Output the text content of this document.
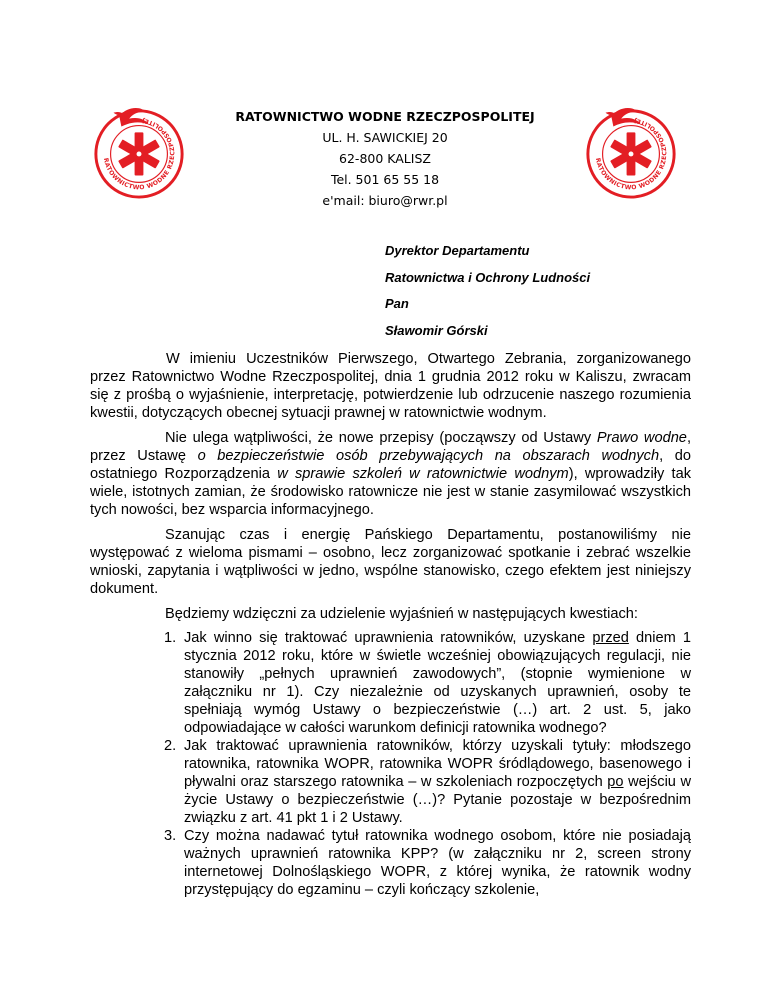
RATOWNICTWO WODNE RZECZPOSPOLITEJ
RATOWNICTWO WODNE RZECZPOSPOLITEJ
RATOWNICTWO WODNE RZECZPOSPOLITEJ
UL. H. SAWICKIEJ 20
62-800 KALISZ
Tel. 501 65 55 18
e'mail: biuro@rwr.pl
Dyrektor Departamentu
Ratownictwa i Ochrony Ludności
Pan
Sławomir Górski

W imieniu Uczestników Pierwszego, Otwartego Zebrania, zorganizowanego przez Ratownictwo Wodne Rzeczpospolitej, dnia 1 grudnia 2012 roku w Kaliszu, zwracam się z prośbą o wyjaśnienie, interpretację, potwierdzenie lub odrzucenie naszego rozumienia kwestii, dotyczących obecnej sytuacji prawnej w ratownictwie wodnym.

Nie ulega wątpliwości, że nowe przepisy (począwszy od Ustawy Prawo wodne, przez Ustawę o bezpieczeństwie osób przebywających na obszarach wodnych, do ostatniego Rozporządzenia w sprawie szkoleń w ratownictwie wodnym), wprowadziły tak wiele, istotnych zamian, że środowisko ratownicze nie jest w stanie zasymilować wszystkich tych nowości, bez wsparcia informacyjnego.

Szanując czas i energię Pańskiego Departamentu, postanowiliśmy nie występować z wieloma pismami – osobno, lecz zorganizować spotkanie i zebrać wszelkie wnioski, zapytania i wątpliwości w jedno, wspólne stanowisko, czego efektem jest niniejszy dokument.

Będziemy wdzięczni za udzielenie wyjaśnień w następujących kwestiach:
Jak winno się traktować uprawnienia ratowników, uzyskane przed dniem 1 stycznia 2012 roku, które w świetle wcześniej obowiązujących regulacji, nie stanowiły „pełnych uprawnień zawodowych”, (stopnie wymienione w załączniku nr 1). Czy niezależnie od uzyskanych uprawnień, osoby te spełniają wymóg Ustawy o bezpieczeństwie (…) art. 2 ust. 5, jako odpowiadające w całości warunkom definicji ratownika wodnego?
Jak traktować uprawnienia ratowników, którzy uzyskali tytuły: młodszego ratownika, ratownika WOPR, ratownika WOPR śródlądowego, basenowego i pływalni oraz starszego ratownika – w szkoleniach rozpoczętych po wejściu w życie Ustawy o bezpieczeństwie (…)? Pytanie pozostaje w bezpośrednim związku z art. 41 pkt 1 i 2 Ustawy.
Czy można nadawać tytuł ratownika wodnego osobom, które nie posiadają ważnych uprawnień ratownika KPP? (w załączniku nr 2, screen strony internetowej Dolnośląskiego WOPR, z której wynika, że ratownik wodny przystępujący do egzaminu – czyli kończący szkolenie,
